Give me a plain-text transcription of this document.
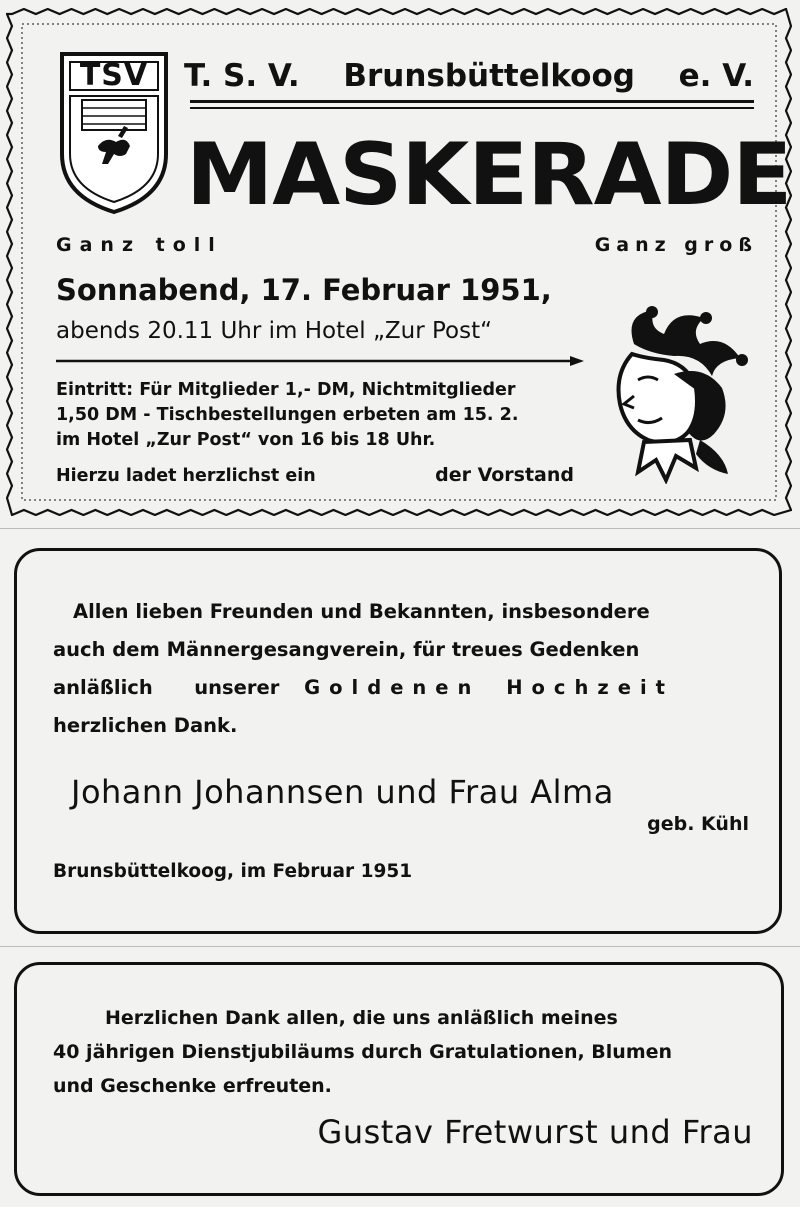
TSV	T. S. V. Brunsbüttelkoog e. V.
MASKERADE
Ganz toll	Ganz groß
Sonnabend, 17. Februar 1951,
abends 20.11 Uhr im Hotel „Zur Post“
Eintritt: Für Mitglieder 1,- DM, Nichtmitglieder
1,50 DM - Tischbestellungen erbeten am 15. 2.
im Hotel „Zur Post“ von 16 bis 18 Uhr.
Hierzu ladet herzlichst ein	der Vorstand
Allen lieben Freunden und Bekannten, insbesondere
auch dem Männergesangverein, für treues Gedenken
anläßlich  unserer Goldenen Hochzeit
herzlichen Dank.
Johann Johannsen und Frau Alma
geb. Kühl
Brunsbüttelkoog, im Februar 1951
Herzlichen Dank allen, die uns anläßlich meines
40 jährigen Dienstjubiläums durch Gratulationen, Blumen
und Geschenke erfreuten.
Gustav Fretwurst und Frau
